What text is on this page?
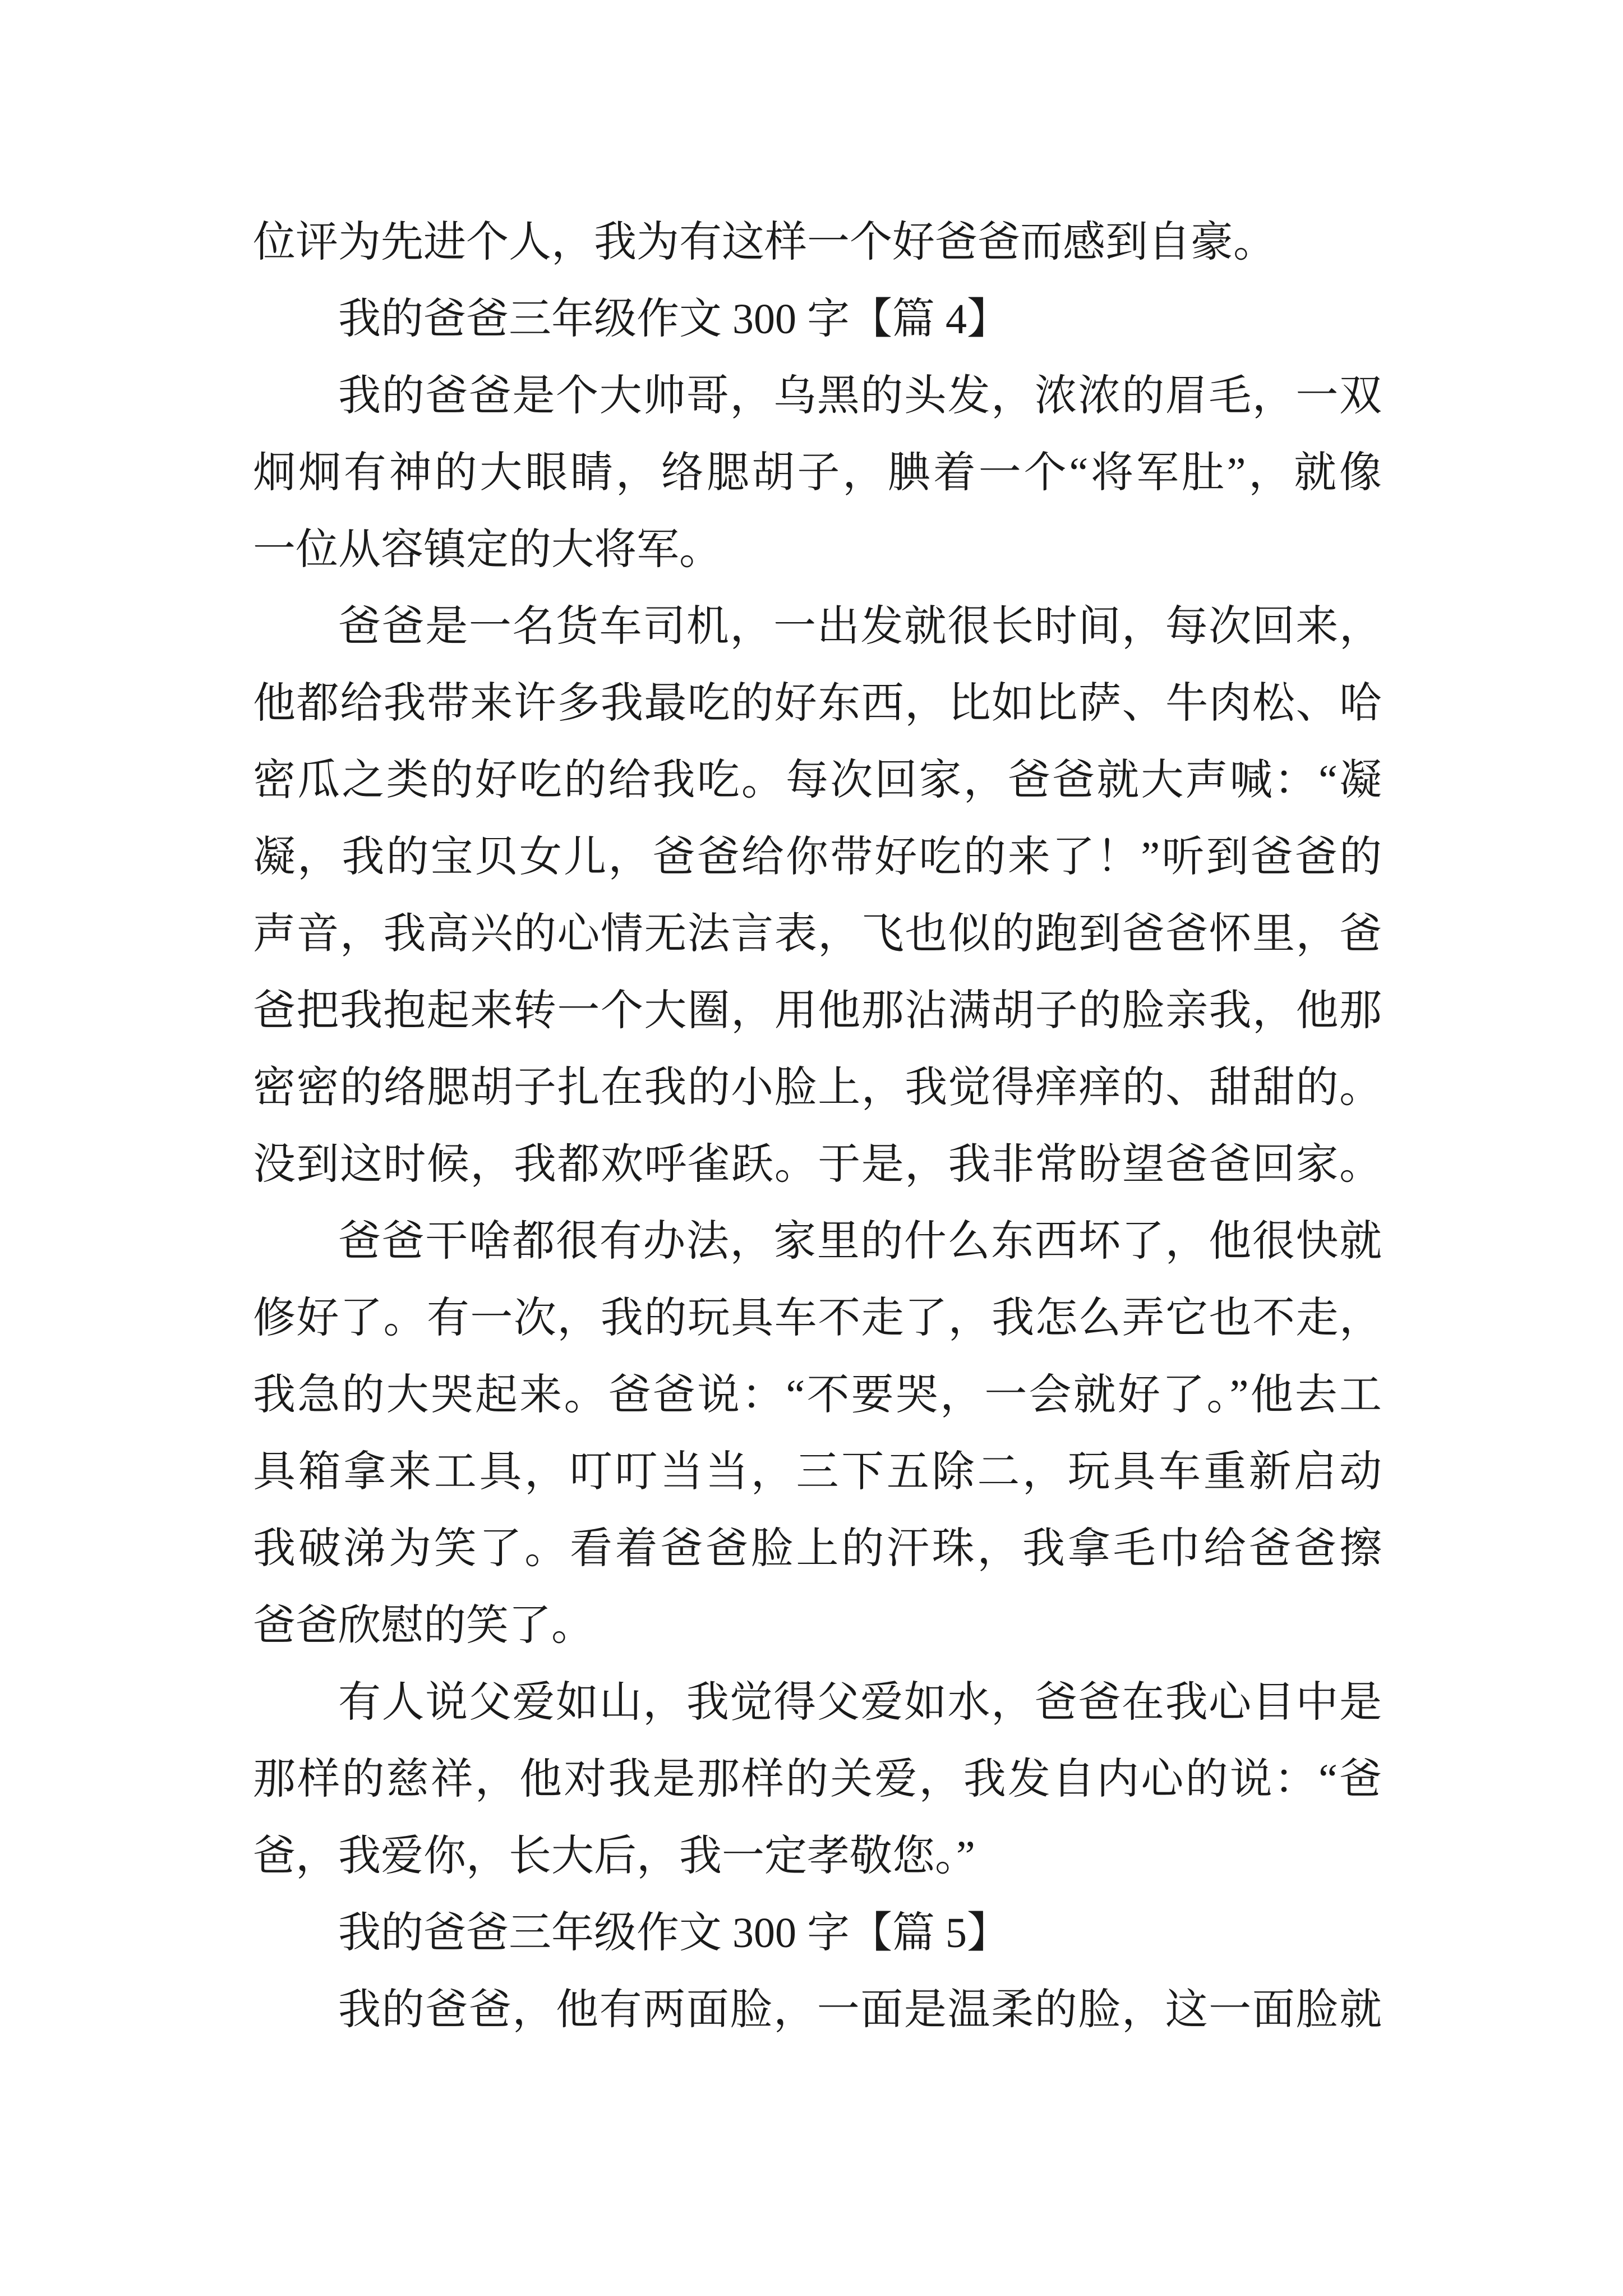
位评为先进个人，我为有这样一个好爸爸而感到自豪。
我的爸爸三年级作文 300 字【篇 4】
我的爸爸是个大帅哥，乌黑的头发，浓浓的眉毛，一双
炯炯有神的大眼睛，络腮胡子，腆着一个“将军肚”，就像
一位从容镇定的大将军。
爸爸是一名货车司机，一出发就很长时间，每次回来，
他都给我带来许多我最吃的好东西，比如比萨、牛肉松、哈
密瓜之类的好吃的给我吃。每次回家，爸爸就大声喊：“凝
凝，我的宝贝女儿，爸爸给你带好吃的来了！”听到爸爸的
声音，我高兴的心情无法言表，飞也似的跑到爸爸怀里，爸
爸把我抱起来转一个大圈，用他那沾满胡子的脸亲我，他那
密密的络腮胡子扎在我的小脸上，我觉得痒痒的、甜甜的。
没到这时候，我都欢呼雀跃。于是，我非常盼望爸爸回家。
爸爸干啥都很有办法，家里的什么东西坏了，他很快就
修好了。有一次，我的玩具车不走了，我怎么弄它也不走，
我急的大哭起来。爸爸说：“不要哭，一会就好了。”他去工
具箱拿来工具，叮叮当当，三下五除二，玩具车重新启动
我破涕为笑了。看着爸爸脸上的汗珠，我拿毛巾给爸爸擦
爸爸欣慰的笑了。
有人说父爱如山，我觉得父爱如水，爸爸在我心目中是
那样的慈祥，他对我是那样的关爱，我发自内心的说：“爸
爸，我爱你，长大后，我一定孝敬您。”
我的爸爸三年级作文 300 字【篇 5】
我的爸爸，他有两面脸，一面是温柔的脸，这一面脸就
